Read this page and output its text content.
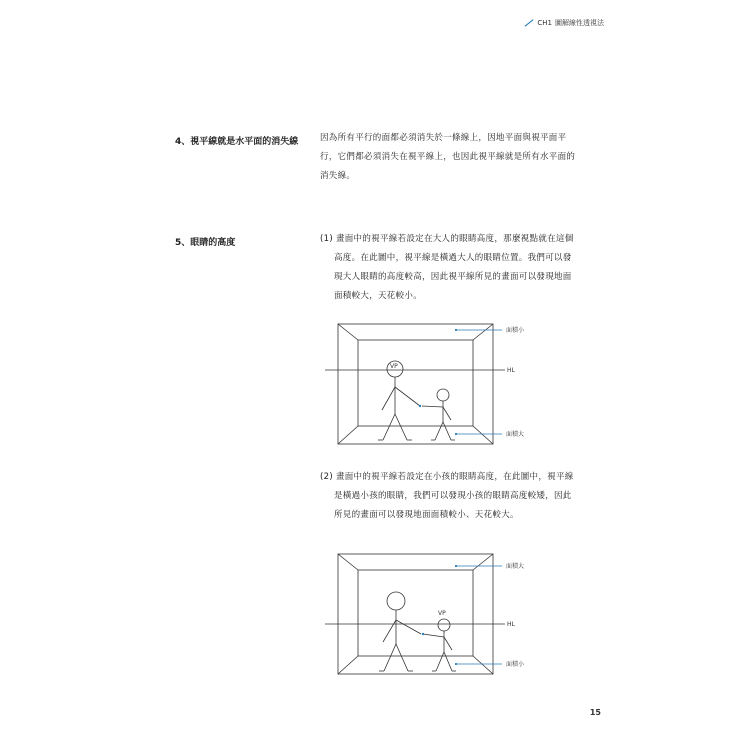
CH1 圖解線性透視法
4、視平線就是水平面的消失線	因為所有平行的面都必須消失於一條線上，因地平面與視平面平

行，它們都必須消失在視平線上，也因此視平線就是所有水平面的

消失線。

5、眼睛的高度	(1) 畫面中的視平線若設定在大人的眼睛高度，那麼視點就在這個

高度。在此圖中，視平線是橫過大人的眼睛位置。我們可以發

現大人眼睛的高度較高，因此視平線所見的畫面可以發現地面

面積較大，天花較小。

VP
HL
面積小
面積大

(2) 畫面中的視平線若設定在小孩的眼睛高度，在此圖中，視平線

是橫過小孩的眼睛，我們可以發現小孩的眼睛高度較矮，因此

所見的畫面可以發現地面面積較小、天花較大。

VP
HL
面積大
面積小
15
